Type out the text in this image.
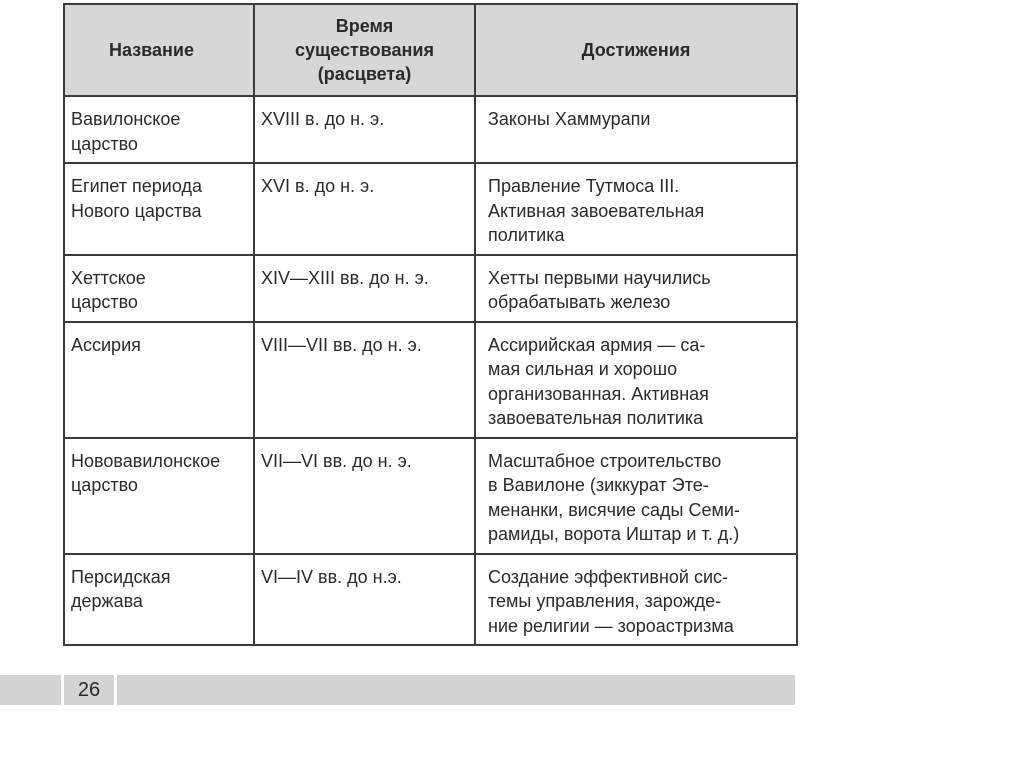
Название	Время
существования
(расцвета)	Достижения

Вавилонское
царство	XVIII в. до н. э.	Законы Хаммурапи

Египет периода
Нового царства	XVI в. до н. э.	Правление Тутмоса III.
Активная завоевательная
политика

Хеттское
царство	XIV—XIII вв. до н. э.	Хетты первыми научились
обрабатывать железо

Ассирия	VIII—VII вв. до н. э.	Ассирийская армия — са-
мая сильная и хорошо
организованная. Активная
завоевательная политика

Нововавилонское
царство	VII—VI вв. до н. э.	Масштабное строительство
в Вавилоне (зиккурат Эте-
менанки, висячие сады Семи-
рамиды, ворота Иштар и т. д.)

Персидская
держава	VI—IV вв. до н.э.	Создание эффективной сис-
темы управления, зарожде-
ние религии — зороастризма
26
